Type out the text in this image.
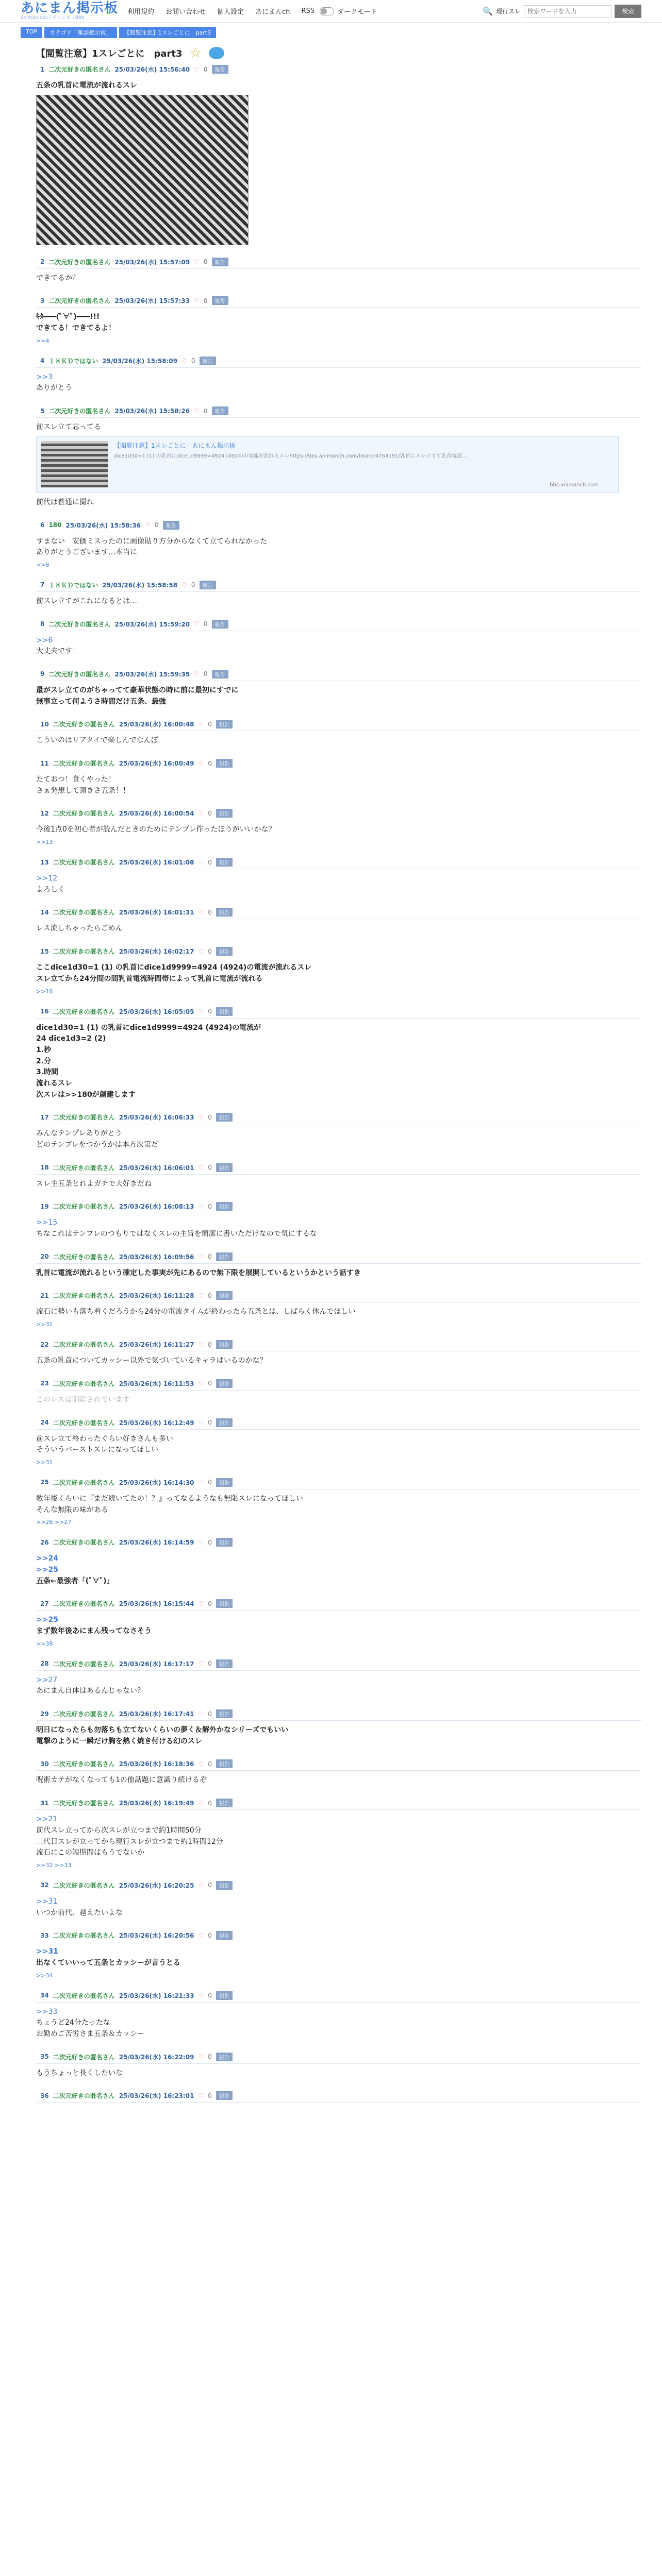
あにまん掲示板
animan bbs | チャンネルBBS
利用規約 お問い合わせ 個人設定 あにまんch RSS	ダークモード	🔍 現行スレ
検索ワードを入力	検索
TOP	カテゴリ「雑談掲示板」	【閲覧注意】1スレごとに　part3
【閲覧注意】1スレごとに　part3 ☆
1 二次元好きの匿名さん 25/03/26(水) 15:56:40 ♡ 0	報告
五条の乳首に電流が流れるスレ
2 二次元好きの匿名さん 25/03/26(水) 15:57:09 ♡ 0	報告
できてるか？
3 二次元好きの匿名さん 25/03/26(水) 15:57:33 ♡ 0	報告
ｷﾀ━━━(ﾟ∀ﾟ)━━━!!!
できてる！できてるよ！
>>4
4 １８ＫＤではない 25/03/26(水) 15:58:09 ♡ 0	報告
>>3
ありがとう
5 二次元好きの匿名さん 25/03/26(水) 15:58:26 ♡ 0	報告
前スレ立て忘ってる
【閲覧注意】1スレごとに｜あにまん掲示板
dice1d30=1 (1) の乳首にdice1d9999=4924 (4924)の電流が流れるスレhttps://bbs.animanch.com/board/4764191/乳首にスレ立てて乳首電流…
bbs.animanch.com
前代は普通に撮れ
6 180 25/03/26(水) 15:58:36 ♡ 0	報告
すまない　安価ミスったのに画像貼り方分からなくて立てられなかった
ありがとうございます…本当に
>>8
7 １８ＫＤではない 25/03/26(水) 15:58:58 ♡ 0	報告
前スレ立てがこれになるとは…
8 二次元好きの匿名さん 25/03/26(水) 15:59:20 ♡ 0	報告
>>6
大丈夫です！
9 二次元好きの匿名さん 25/03/26(水) 15:59:35 ♡ 0	報告
最がスレ立てのがちゃってて豪華状態の時に前に最初にすでに
無事立って何ようさ時間だけ五条、最強
10 二次元好きの匿名さん 25/03/26(水) 16:00:48 ♡ 0	報告
こういのはリアタイで楽しんでなんぼ
11 二次元好きの匿名さん 25/03/26(水) 16:00:49 ♡ 0	報告
たておつ！食くやった！
さぁ発想して頂きさ五条！！
12 二次元好きの匿名さん 25/03/26(水) 16:00:54 ♡ 0	報告
今後1点0を初心者が読んだときのためにテンプレ作ったほうがいいかな？
>>13
13 二次元好きの匿名さん 25/03/26(水) 16:01:08 ♡ 0	報告
>>12
よろしく
14 二次元好きの匿名さん 25/03/26(水) 16:01:31 ♡ 0	報告
レス流しちゃったらごめん
15 二次元好きの匿名さん 25/03/26(水) 16:02:17 ♡ 0	報告
ここdice1d30=1 (1) の乳首にdice1d9999=4924 (4924)の電流が流れるスレ
スレ立てから24分間の間乳首電流時間帯によって乳首に電流が流れる
>>16
16 二次元好きの匿名さん 25/03/26(水) 16:05:05 ♡ 0	報告
dice1d30=1 (1) の乳首にdice1d9999=4924 (4924)の電流が
24 dice1d3=2 (2)
1.秒
2.分
3.時間
流れるスレ
次スレは>>180が創建します
17 二次元好きの匿名さん 25/03/26(水) 16:06:33 ♡ 0	報告
みんなテンプレありがとう
どのテンプレをつかうかは本方次第だ
18 二次元好きの匿名さん 25/03/26(水) 16:06:01 ♡ 0	報告
スレ主五条とれよガチで大好きだね
19 二次元好きの匿名さん 25/03/26(水) 16:08:13 ♡ 0	報告
>>15
ちなこれはテンプレのつもりではなくスレの主旨を簡潔に書いただけなので気にするな
20 二次元好きの匿名さん 25/03/26(水) 16:09:56 ♡ 0	報告
乳首に電流が流れるという確定した事実が先にあるので無下限を展開しているというかという話すき
21 二次元好きの匿名さん 25/03/26(水) 16:11:28 ♡ 0	報告
流石に勢いも落ち着くだろうから24分の電流タイムが終わったら五条とは、しばらく休んでほしい
>>31
22 二次元好きの匿名さん 25/03/26(水) 16:11:27 ♡ 0	報告
五条の乳首についてカッシー以外で気づいているキャラはいるのかな？
23 二次元好きの匿名さん 25/03/26(水) 16:11:53 ♡ 0	報告
このレスは削除されています
24 二次元好きの匿名さん 25/03/26(水) 16:12:49 ♡ 0	報告
前スレ立て終わったぐらい好きさんも多い
そういうバーストスレになってほしい
>>31
25 二次元好きの匿名さん 25/03/26(水) 16:14:30 ♡ 0	報告
数年後くらいに『まだ続いてたの！？』ってなるようなも無限スレになってほしい
そんな無限の味がある
>>26 >>27
26 二次元好きの匿名さん 25/03/26(水) 16:14:59 ♡ 0	報告
>>24
>>25
五条←最強者「(ﾟ∀ﾟ)」
27 二次元好きの匿名さん 25/03/26(水) 16:15:44 ♡ 0	報告
>>25
まず数年後あにまん残ってなさそう
>>38
28 二次元好きの匿名さん 25/03/26(水) 16:17:17 ♡ 0	報告
>>27
あにまん自体はあるんじゃない？
29 二次元好きの匿名さん 25/03/26(水) 16:17:41 ♡ 0	報告
明日になったらも勿落ちも立てないくらいの夢く＆解外かなシリーズでもいい
電撃のように一瞬だけ胸を熱く焼き付ける幻のスレ
30 二次元好きの匿名さん 25/03/26(水) 16:18:36 ♡ 0	報告
呪術カテがなくなっても1の他話題に意識り続けるぞ
31 二次元好きの匿名さん 25/03/26(水) 16:19:49 ♡ 0	報告
>>21
前代スレ立ってから次スレが立つまで約1時間50分
二代目スレが立ってから現行スレが立つまで約1時間12分
流石にこの短期間はもうでないか
>>32 >>33
32 二次元好きの匿名さん 25/03/26(水) 16:20:25 ♡ 0	報告
>>31
いつか前代、越えたいよな
33 二次元好きの匿名さん 25/03/26(水) 16:20:56 ♡ 0	報告
>>31
出なくていいって五条とカッシーが言うとる
>>34
34 二次元好きの匿名さん 25/03/26(水) 16:21:33 ♡ 0	報告
>>33
ちょうど24分たったな
お勤めご苦労さま五条＆カッシー
35 二次元好きの匿名さん 25/03/26(水) 16:22:09 ♡ 0	報告
もうちょっと長くしたいな
36 二次元好きの匿名さん 25/03/26(水) 16:23:01 ♡ 0	報告
